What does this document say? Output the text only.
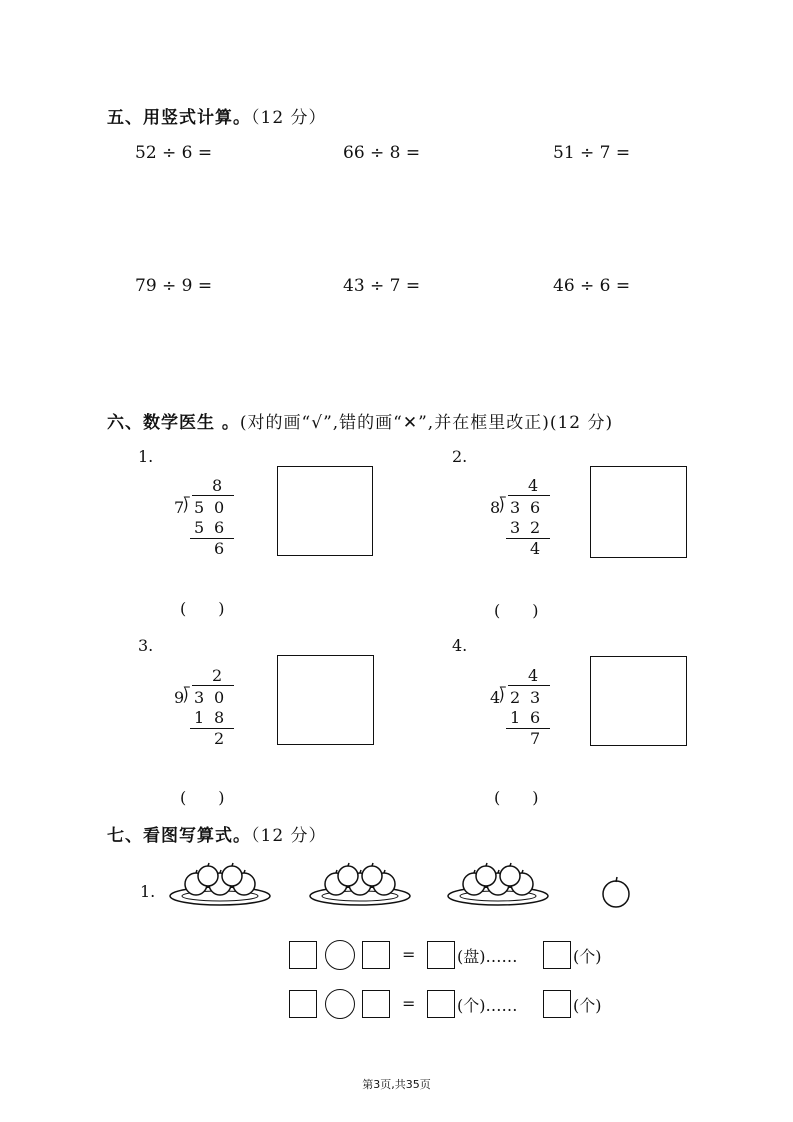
五、用竖式计算。（12 分）
52 ÷ 6 =	66 ÷ 8 =	51 ÷ 7 =
79 ÷ 9 =	43 ÷ 7 =	46 ÷ 6 =
六、数学医生 。(对的画“√”,错的画“✕”,并在框里改正)(12 分)
1.
8
7
⟌ 5 0
5 6
6
(　　)
2.
4
8
⟌ 3 6
3 2
4
(　　)
3.
2
9
⟌ 3 0
1 8
2
(　　)
4.
4
4
⟌ 2 3
1 6
7
(　　)
七、看图写算式。（12 分）
1.
=	(盘)……	(个)
=	(个)……	(个)
第3页,共35页
